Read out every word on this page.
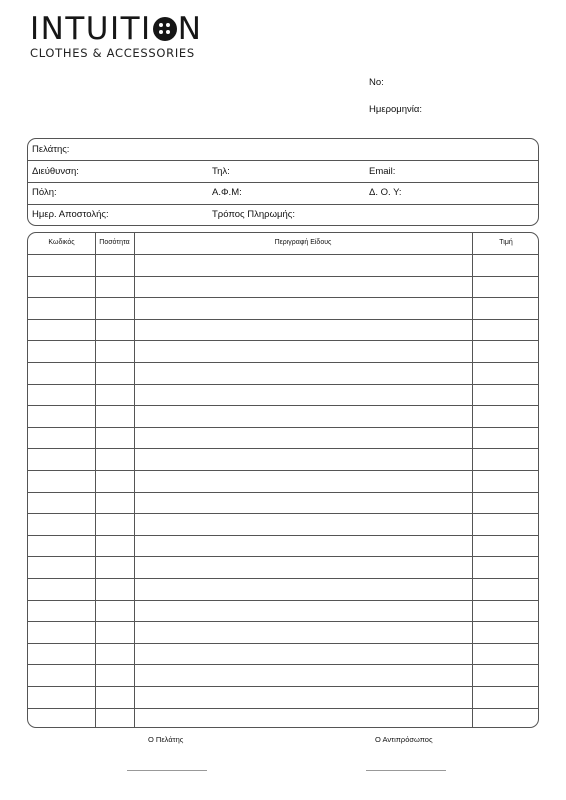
INTUITI N
CLOTHES & ACCESSORIES
Νο:
Ημερομηνία:
Πελάτης:
Διεύθυνση:	Τηλ:	Email:
Πόλη:	Α.Φ.Μ:	Δ. Ο. Υ:
Ημερ. Αποστολής:	Τρόπος Πληρωμής:
Κωδικός	Ποσότητα	Περιγραφή Είδους	Τιμή
Ο Πελάτης	Ο Αντιπρόσωπος
